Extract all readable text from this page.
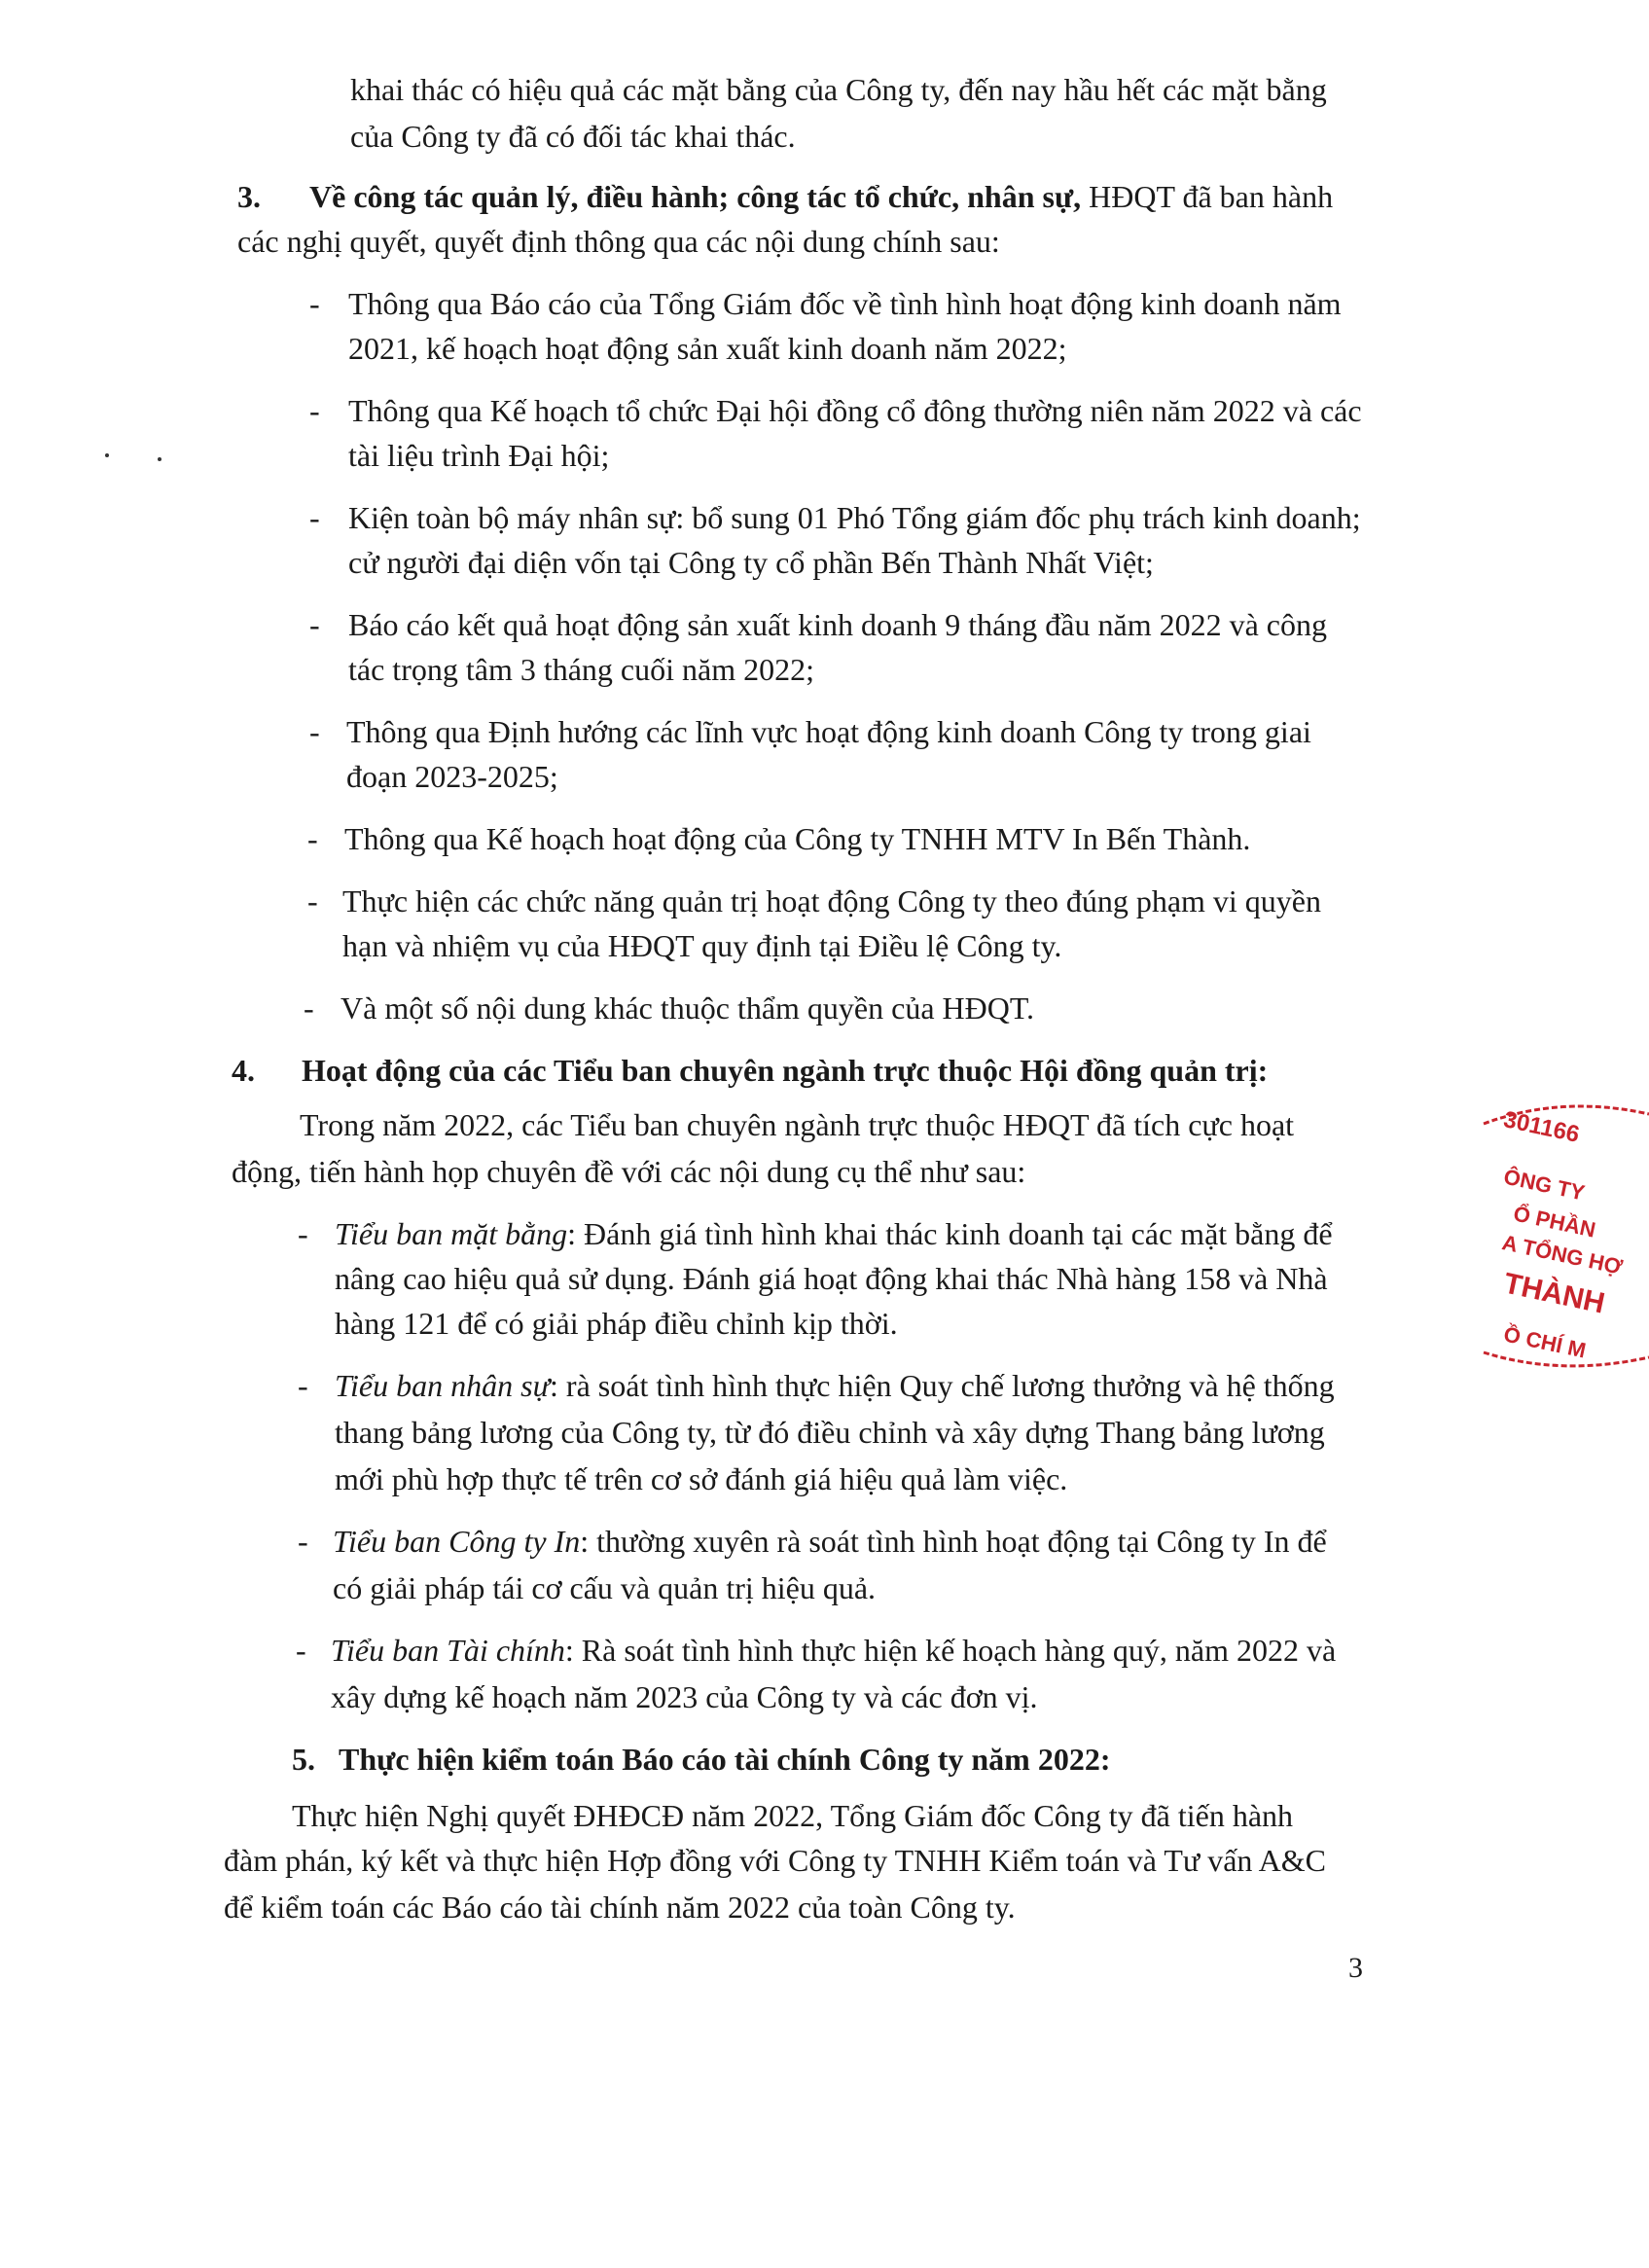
khai thác có hiệu quả các mặt bằng của Công ty, đến nay hầu hết các mặt bằng
của Công ty đã có đối tác khai thác.
3. Về công tác quản lý, điều hành; công tác tổ chức, nhân sự, HĐQT đã ban hành
các nghị quyết, quyết định thông qua các nội dung chính sau:
- Thông qua Báo cáo của Tổng Giám đốc về tình hình hoạt động kinh doanh năm
2021, kế hoạch hoạt động sản xuất kinh doanh năm 2022;
- Thông qua Kế hoạch tổ chức Đại hội đồng cổ đông thường niên năm 2022 và các
tài liệu trình Đại hội;
- Kiện toàn bộ máy nhân sự: bổ sung 01 Phó Tổng giám đốc phụ trách kinh doanh;
cử người đại diện vốn tại Công ty cổ phần Bến Thành Nhất Việt;
- Báo cáo kết quả hoạt động sản xuất kinh doanh 9 tháng đầu năm 2022 và công
tác trọng tâm 3 tháng cuối năm 2022;
- Thông qua Định hướng các lĩnh vực hoạt động kinh doanh Công ty trong giai
đoạn 2023-2025;
- Thông qua Kế hoạch hoạt động của Công ty TNHH MTV In Bến Thành.
- Thực hiện các chức năng quản trị hoạt động Công ty theo đúng phạm vi quyền
hạn và nhiệm vụ của HĐQT quy định tại Điều lệ Công ty.
- Và một số nội dung khác thuộc thẩm quyền của HĐQT.
4. Hoạt động của các Tiểu ban chuyên ngành trực thuộc Hội đồng quản trị:
Trong năm 2022, các Tiểu ban chuyên ngành trực thuộc HĐQT đã tích cực hoạt
động, tiến hành họp chuyên đề với các nội dung cụ thể như sau:
- Tiểu ban mặt bằng: Đánh giá tình hình khai thác kinh doanh tại các mặt bằng để
nâng cao hiệu quả sử dụng. Đánh giá hoạt động khai thác Nhà hàng 158 và Nhà
hàng 121 để có giải pháp điều chỉnh kịp thời.
- Tiểu ban nhân sự: rà soát tình hình thực hiện Quy chế lương thưởng và hệ thống
thang bảng lương của Công ty, từ đó điều chỉnh và xây dựng Thang bảng lương
mới phù hợp thực tế trên cơ sở đánh giá hiệu quả làm việc.
- Tiểu ban Công ty In: thường xuyên rà soát tình hình hoạt động tại Công ty In để
có giải pháp tái cơ cấu và quản trị hiệu quả.
- Tiểu ban Tài chính: Rà soát tình hình thực hiện kế hoạch hàng quý, năm 2022 và
xây dựng kế hoạch năm 2023 của Công ty và các đơn vị.
5. Thực hiện kiểm toán Báo cáo tài chính Công ty năm 2022:
Thực hiện Nghị quyết ĐHĐCĐ năm 2022, Tổng Giám đốc Công ty đã tiến hành
đàm phán, ký kết và thực hiện Hợp đồng với Công ty TNHH Kiểm toán và Tư vấn A&C
để kiểm toán các Báo cáo tài chính năm 2022 của toàn Công ty.
3
301166
ÔNG TY
Ổ PHẦN
A TỔNG HỢ
THÀNH
Ồ CHÍ M
